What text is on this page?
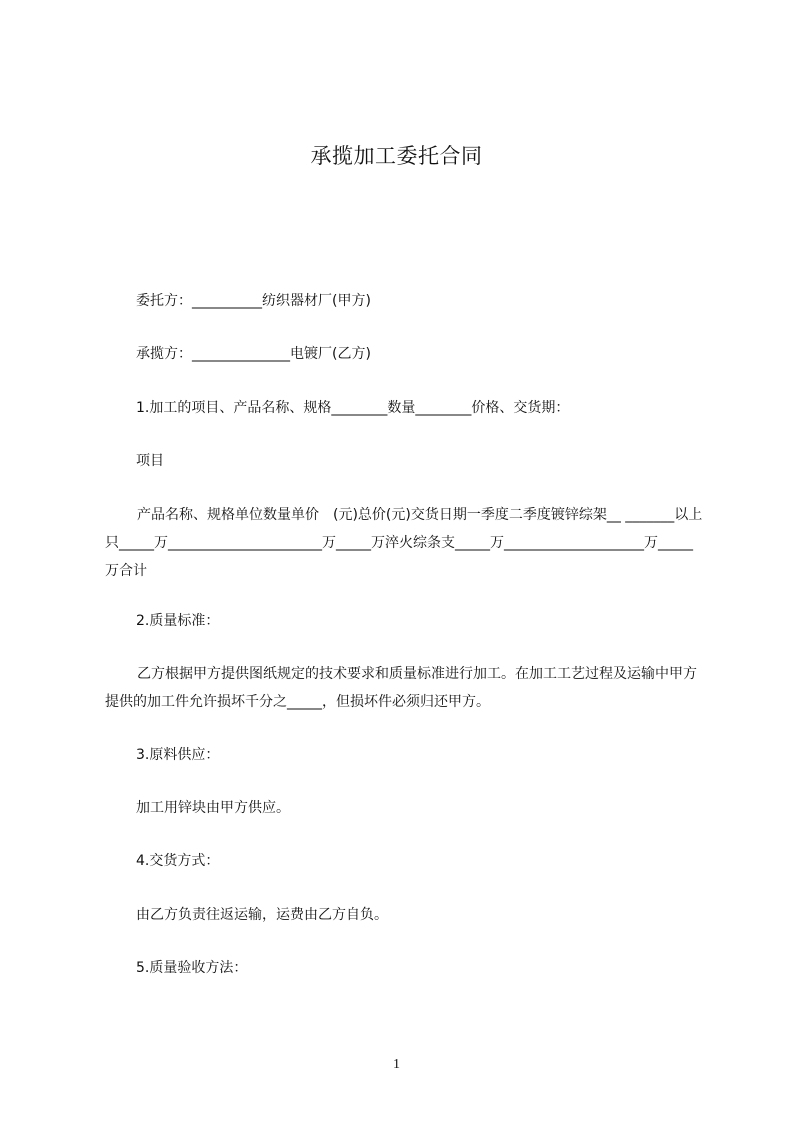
承揽加工委托合同

委托方：__________纺织器材厂(甲方)

承揽方：______________电镀厂(乙方)

1.加工的项目、产品名称、规格________数量________价格、交货期：

项目

产品名称、规格单位数量单价　(元)总价(元)交货日期一季度二季度镀锌综架__ _______以上只_____万______________________万_____万淬火综条支_____万____________________万_____万合计

2.质量标准：

乙方根据甲方提供图纸规定的技术要求和质量标准进行加工。在加工工艺过程及运输中甲方提供的加工件允许损坏千分之_____，但损坏件必须归还甲方。

3.原料供应：

加工用锌块由甲方供应。

4.交货方式：

由乙方负责往返运输，运费由乙方自负。

5.质量验收方法：

1
